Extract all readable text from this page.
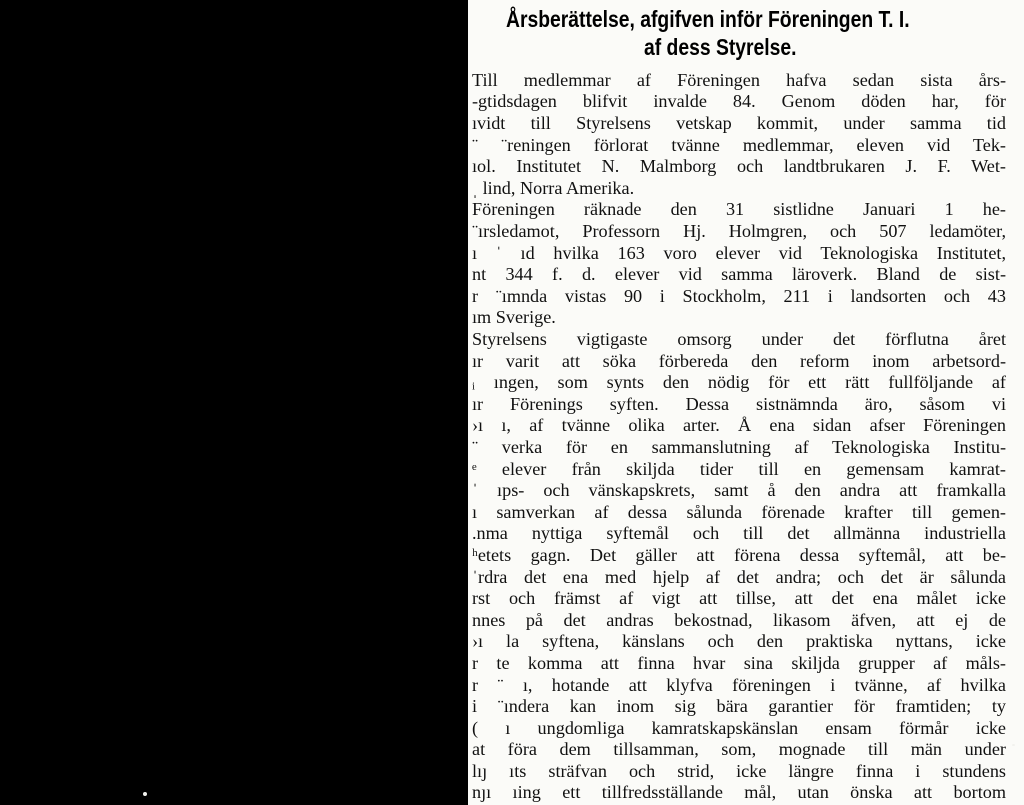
Årsberättelse, afgifven inför Föreningen T. I.
af dess Styrelse.
Till medlemmar af Föreningen hafva sedan sista års-
-gtidsdagen blifvit invalde 84. Genom döden har, för
ıvidt till Styrelsens vetskap kommit, under samma tid
¨ ¨reningen förlorat tvänne medlemmar, eleven vid Tek-
ıol. Institutet N. Malmborg och landtbrukaren J. F. Wet-
ˌ lind, Norra Amerika.
Föreningen räknade den 31 sistlidne Januari 1 he-
¨ırsledamot, Professorn Hj. Holmgren, och 507 ledamöter,
ı ˈ ıd hvilka 163 voro elever vid Teknologiska Institutet,
nt 344 f. d. elever vid samma läroverk. Bland de sist-
r ¨ımnda vistas 90 i Stockholm, 211 i landsorten och 43
ım Sverige.
Styrelsens vigtigaste omsorg under det förflutna året
ır varit att söka förbereda den reform inom arbetsord-
ᵢ ıngen, som synts den nödig för ett rätt fullföljande af
ır Förenings syften. Dessa sistnämnda äro, såsom vi
›ı ı, af tvänne olika arter. Å ena sidan afser Föreningen
¨ verka för en sammanslutning af Teknologiska Institu-
ᵉ elever från skiljda tider till en gemensam kamrat-
ˈ ıps- och vänskapskrets, samt å den andra att framkalla
ı samverkan af dessa sålunda förenade krafter till gemen-
.nma nyttiga syftemål och till det allmänna industriella
ʰetets gagn. Det gäller att förena dessa syftemål, att be-
ˈrdra det ena med hjelp af det andra; och det är sålunda
rst och främst af vigt att tillse, att det ena målet icke
nnes på det andras bekostnad, likasom äfven, att ej de
›ı la syftena, känslans och den praktiska nyttans, icke
r te komma att finna hvar sina skiljda grupper af måls-
r ¨ ı, hotande att klyfva föreningen i tvänne, af hvilka
i ¨ındera kan inom sig bära garantier för framtiden; ty
( ı ungdomliga kamratskapskänslan ensam förmår icke
at föra dem tillsamman, som, mognade till män under
lıȷ ıts sträfvan och strid, icke längre finna i stundens
nȷı ıing ett tillfredsställande mål, utan önska att bortom
